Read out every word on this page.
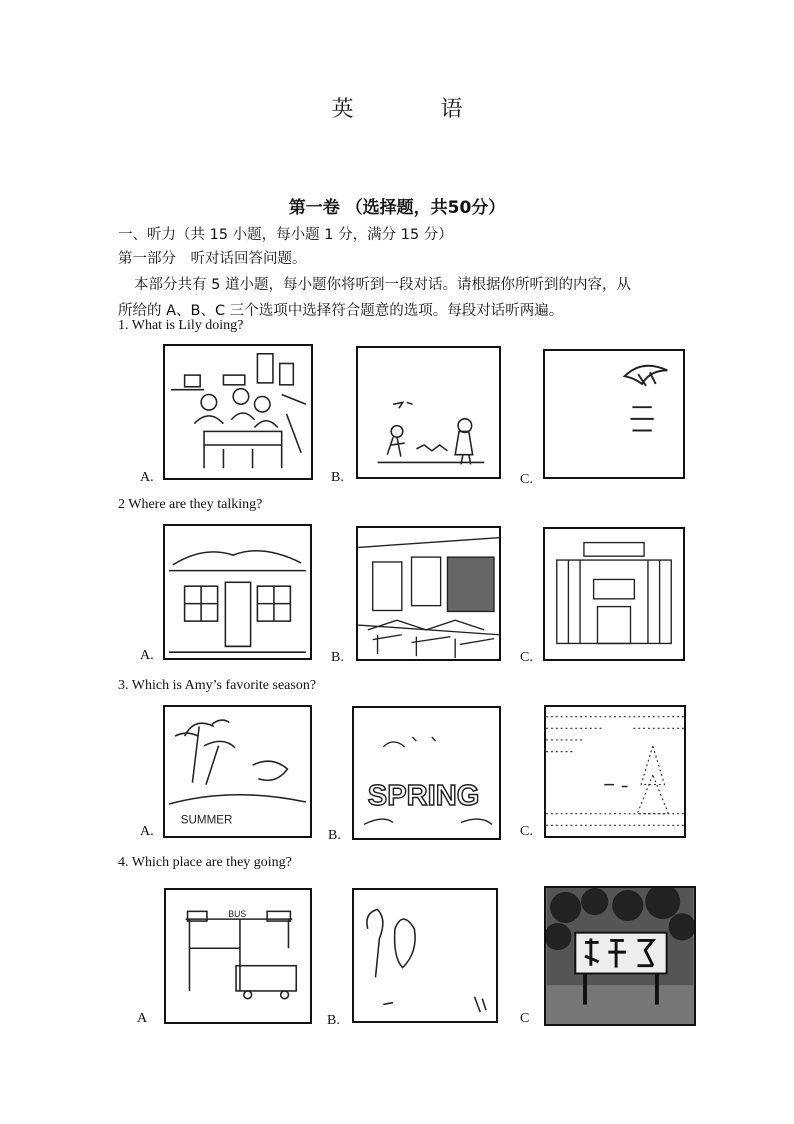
英 语
第一卷 （选择题，共50分）
一、听力（共 15 小题，每小题 1 分，满分 15 分）
第一部分　听对话回答问题。
本部分共有 5 道小题，每小题你将听到一段对话。请根据你所听到的内容，从
所给的 A、B、C 三个选项中选择符合题意的选项。每段对话听两遍。
1. What is Lily doing?
A.	B.	C.
2 Where are they talking?
A.	B.	C.
3. Which is Amy’s favorite season?
A.
SUMMER
B.
SPRING
C.
4. Which place are they going?
A
BUS
B.	C
